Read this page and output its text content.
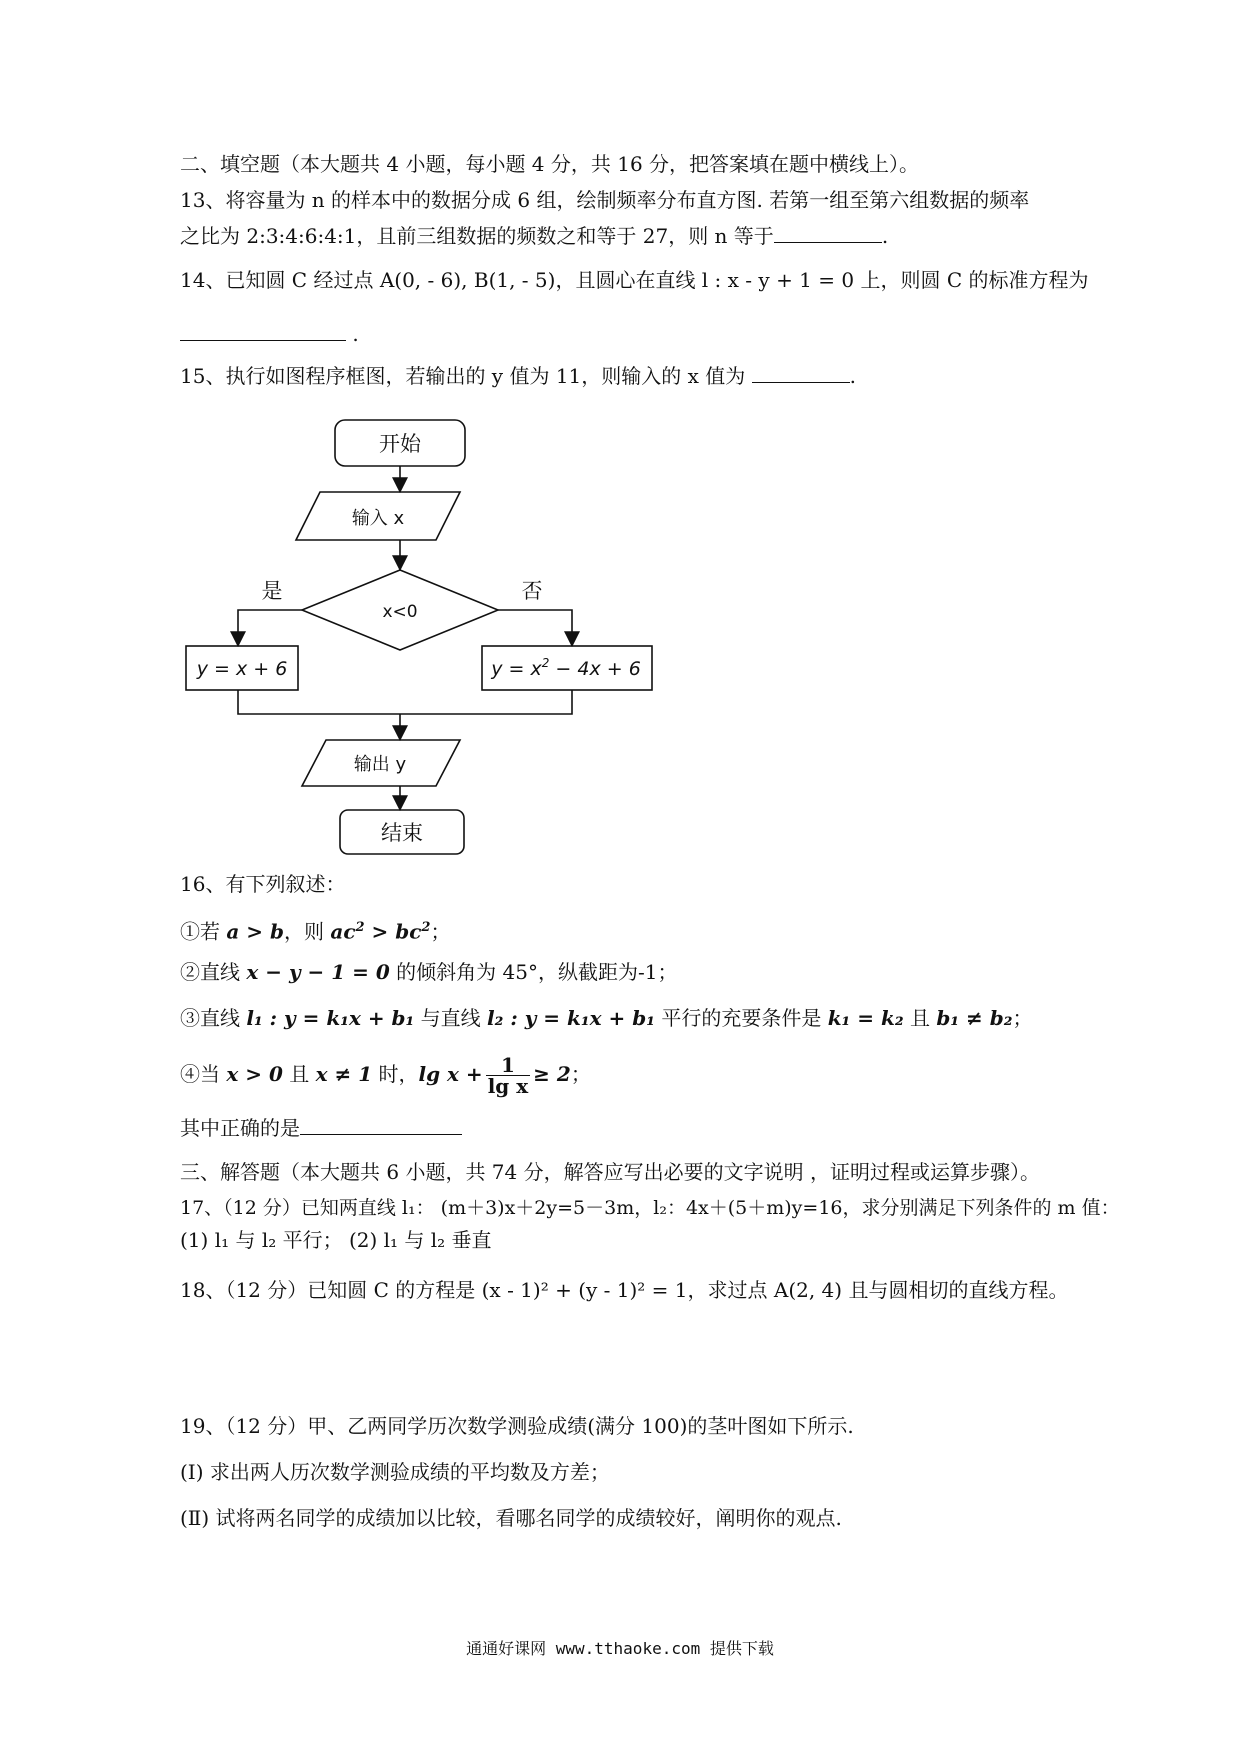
二、填空题（本大题共 4 小题，每小题 4 分，共 16 分，把答案填在题中横线上）。
13、将容量为 n 的样本中的数据分成 6 组，绘制频率分布直方图. 若第一组至第六组数据的频率
之比为 2:3:4:6:4:1，且前三组数据的频数之和等于 27，则 n 等于	.
14、已知圆 C 经过点 A(0, - 6), B(1, - 5)，且圆心在直线 l : x - y + 1 = 0 上，则圆 C 的标准方程为
.
15、执行如图程序框图，若输出的 y 值为 11，则输入的 x 值为	.
开始
输入 x
x<0
是	否
y = x + 6	$y = x^2 - 4x + 6$
输出 y
结束
16、有下列叙述：
①若 a > b，则 $ac^2 > bc^2$；
②直线 x − y − 1 = 0 的倾斜角为 45°，纵截距为-1；
③直线 l₁ : y = k₁x + b₁ 与直线 l₂ : y = k₁x + b₁ 平行的充要条件是 k₁ = k₂ 且 b₁ ≠ b₂；
④当 x > 0 且 x ≠ 1 时，$\lg x + \frac{1}{\text{lg x}} \ge 2$；
其中正确的是
三、解答题（本大题共 6 小题，共 74 分，解答应写出必要的文字说明 ，证明过程或运算步骤）。
17、（12 分）已知两直线 l₁： (m＋3)x＋2y=5－3m，l₂：4x＋(5＋m)y=16，求分别满足下列条件的 m 值：
(1) l₁ 与 l₂ 平行； (2) l₁ 与 l₂ 垂直
18、（12 分）已知圆 C 的方程是 (x - 1)² + (y - 1)² = 1，求过点 A(2, 4) 且与圆相切的直线方程。
19、（12 分）甲、乙两同学历次数学测验成绩(满分 100)的茎叶图如下所示.
(Ⅰ) 求出两人历次数学测验成绩的平均数及方差；
(Ⅱ) 试将两名同学的成绩加以比较，看哪名同学的成绩较好，阐明你的观点.
通通好课网 www.tthaoke.com 提供下载
